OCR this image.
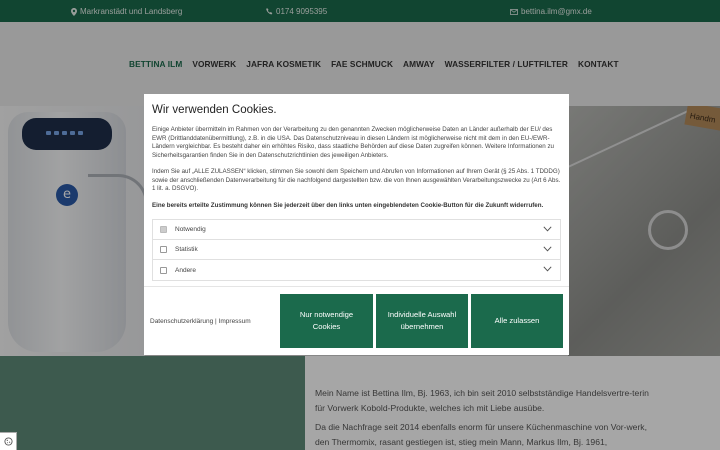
Markranstädt und Landsberg	0174 9095395	bettina.ilm@gmx.de
BETTINA ILM VORWERK JAFRA KOSMETIK FAE SCHMUCK AMWAY WASSERFILTER / LUFTFILTER KONTAKT
e
Handm

Mein Name ist Bettina Ilm, Bj. 1963, ich bin seit 2010 selbstständige Handelsvertre-terin für Vorwerk Kobold-Produkte, welches ich mit Liebe ausübe.

Da die Nachfrage seit 2014 ebenfalls enorm für unsere Küchenmaschine von Vor-werk, den Thermomix, rasant gestiegen ist, stieg mein Mann, Markus Ilm, Bj. 1961,

Wir verwenden Cookies.

Einige Anbieter übermitteln im Rahmen von der Verarbeitung zu den genannten Zwecken möglicherweise Daten an Länder außerhalb der EU/ des EWR (Drittlanddatenübermittlung), z.B. in die USA. Das Datenschutzniveau in diesen Ländern ist möglicherweise nicht mit dem in den EU-/EWR-Ländern vergleichbar. Es besteht daher ein erhöhtes Risiko, dass staatliche Behörden auf diese Daten zugreifen können. Weitere Informationen zu Sicherheitsgarantien finden Sie in den Datenschutzrichtlinien des jeweiligen Anbieters.

Indem Sie auf „ALLE ZULASSEN“ klicken, stimmen Sie sowohl dem Speichern und Abrufen von Informationen auf Ihrem Gerät (§ 25 Abs. 1 TDDDG) sowie der anschließenden Datenverarbeitung für die nachfolgend dargestellten bzw. die von Ihnen ausgewählten Verarbeitungszwecke zu (Art 6 Abs. 1 lit. a. DSGVO).

Eine bereits erteilte Zustimmung können Sie jederzeit über den links unten eingeblendeten Cookie-Button für die Zukunft widerrufen.

Notwendig
Statistik
Andere
Datenschutzerklärung | Impressum
Nur notwendige Cookies
Individuelle Auswahl übernehmen
Alle zulassen
